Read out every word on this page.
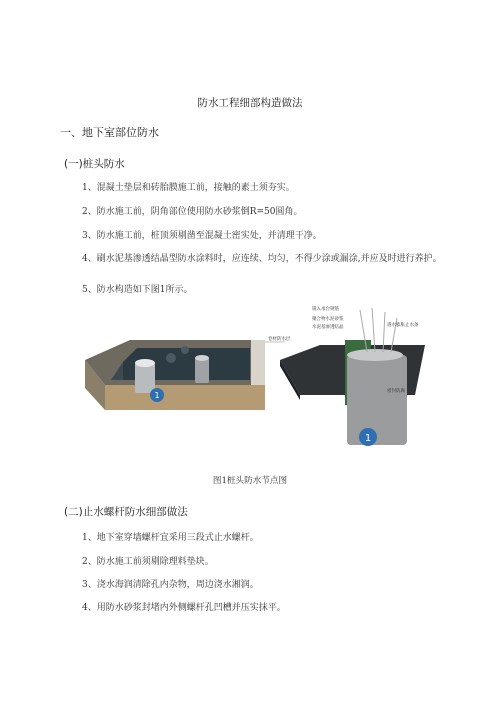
防水工程细部构造做法
一、地下室部位防水
(一)桩头防水
1、混凝土垫层和砖胎膜施工前，接触的素土须夯实。
2、防水施工前，阴角部位使用防水砂浆倒R=50圆角。
3、防水施工前，桩顶须剔凿至混凝土密实处，并清理干净。
4、刷水泥基渗透结晶型防水涂料时，应连续、均匀，不得少涂或漏涂,并应及时进行养护。
5、防水构造如下图1所示。
卷材防水层
1
锚入承台钢筋
聚合物水泥砂浆
水泥基渗透结晶	遇水膨胀止水条
密封防腐
1
图1桩头防水节点图
(二)止水螺杆防水细部做法
1、地下室穿墙螺杆宜采用三段式止水螺杆。
2、防水施工前须剔除理料垫块。
3、浇水海润清除孔内杂物，周边浇水湘润。
4、用防水砂浆封堵内外侧螺杆孔凹槽并压实抹平。
